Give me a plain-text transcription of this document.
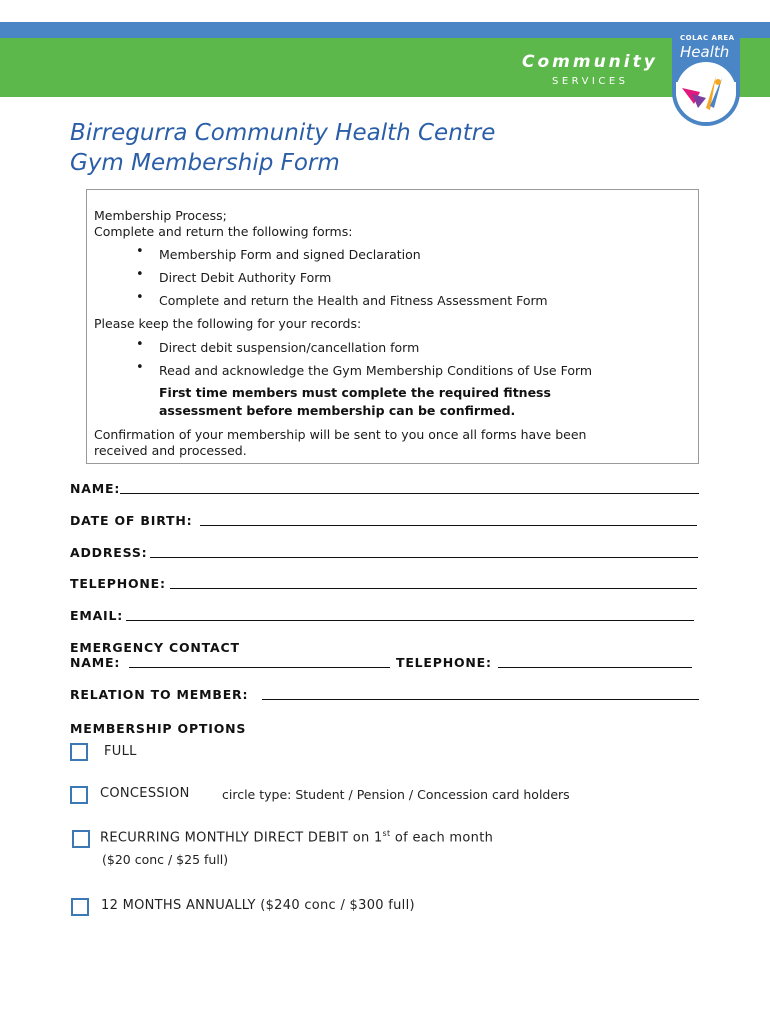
Community
SERVICES
COLAC AREA
Health
Birregurra Community Health Centre
Gym Membership Form
Membership Process;
Complete and return the following forms:
• Membership Form and signed Declaration
• Direct Debit Authority Form
• Complete and return the Health and Fitness Assessment Form
Please keep the following for your records:
• Direct debit suspension/cancellation form
• Read and acknowledge the Gym Membership Conditions of Use Form
First time members must complete the required fitness
assessment before membership can be confirmed.
Confirmation of your membership will be sent to you once all forms have been
received and processed.
NAME:
DATE OF BIRTH:
ADDRESS:
TELEPHONE:
EMAIL:
EMERGENCY CONTACT
NAME:	TELEPHONE:
RELATION TO MEMBER:
MEMBERSHIP OPTIONS
FULL
CONCESSION	circle type: Student / Pension / Concession card holders
RECURRING MONTHLY DIRECT DEBIT on 1st of each month
($20 conc / $25 full)
12 MONTHS ANNUALLY ($240 conc / $300 full)
